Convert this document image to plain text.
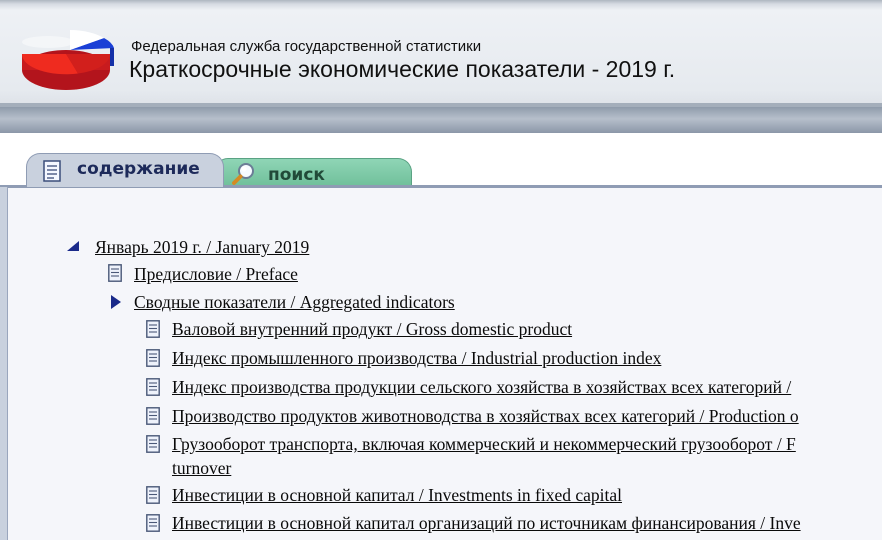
Федеральная служба государственной статистики
Краткосрочные экономические показатели - 2019 г.
поиск
содержание
Январь 2019 г. / January 2019
Предисловие / Preface
Сводные показатели / Aggregated indicators
Валовой внутренний продукт / Gross domestic product
Индекс промышленного производства / Industrial production index
Индекс производства продукции сельского хозяйства в хозяйствах всех категорий /
Производство продуктов животноводства в хозяйствах всех категорий / Production o
Грузооборот транспорта, включая коммерческий и некоммерческий грузооборот / F
turnover
Инвестиции в основной капитал / Investments in fixed capital
Инвестиции в основной капитал организаций по источникам финансирования / Inve
